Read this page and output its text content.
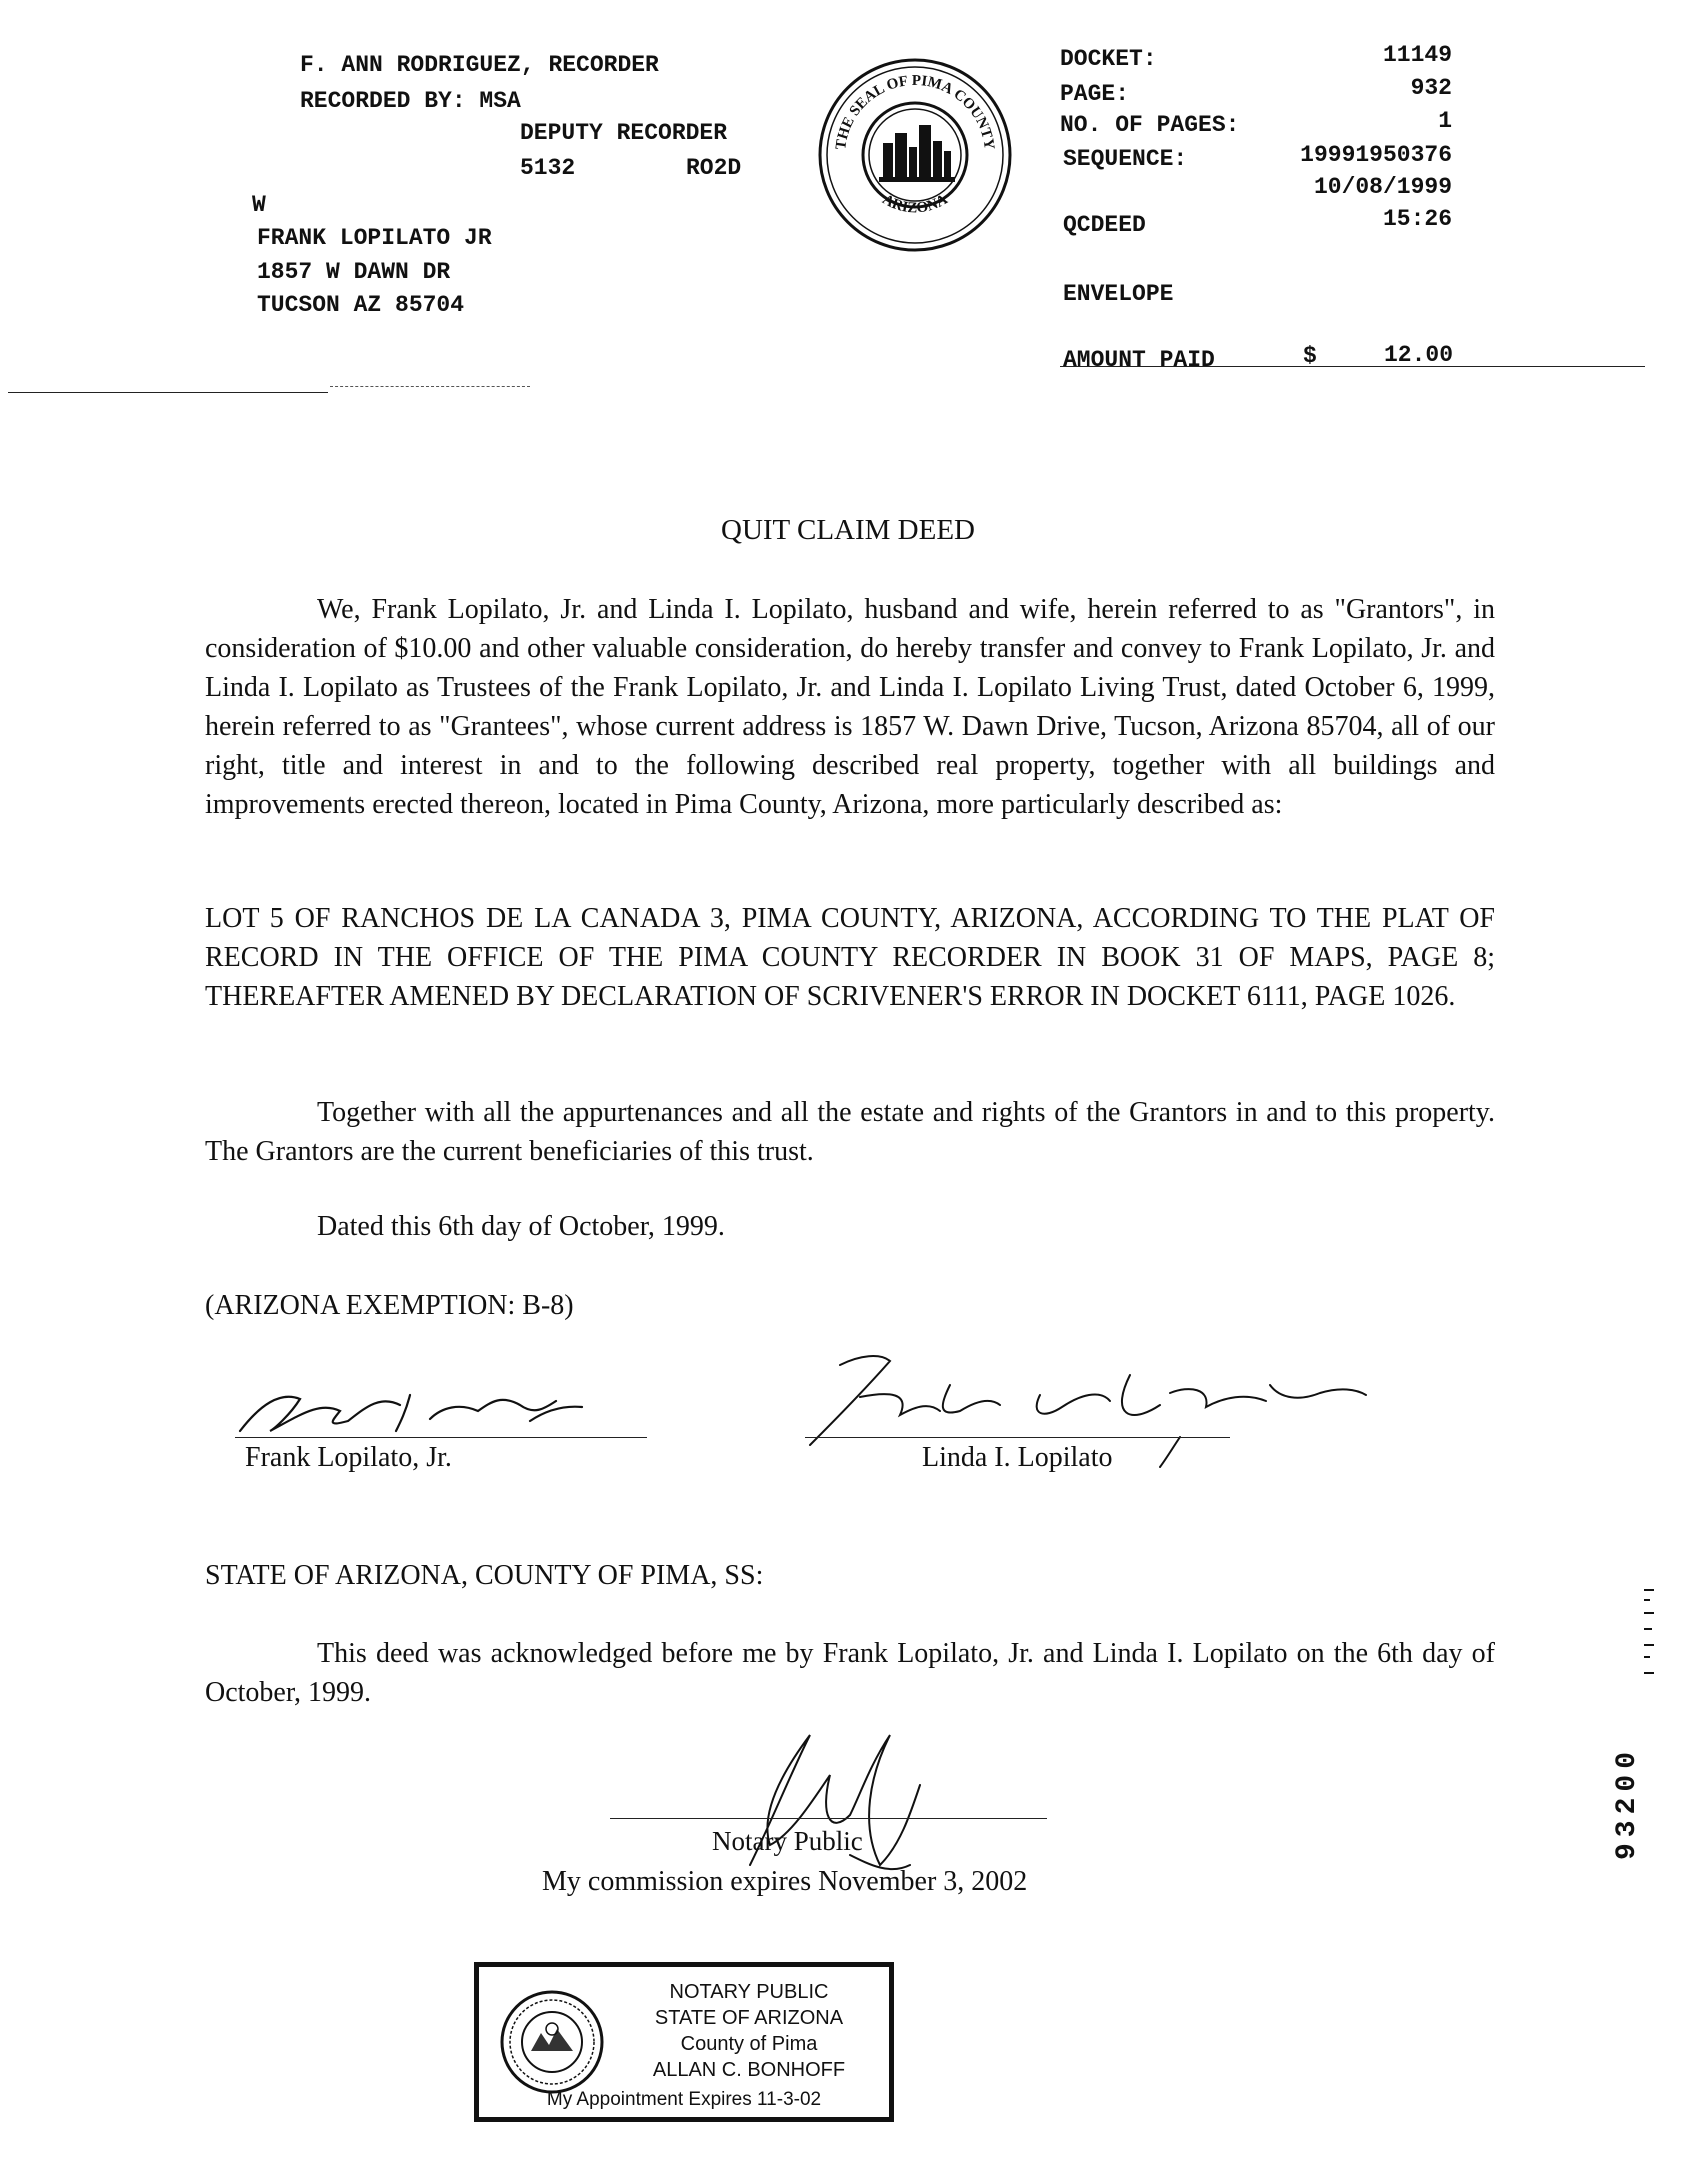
F. ANN RODRIGUEZ, RECORDER
RECORDED BY: MSA
DEPUTY RECORDER
5132	RO2D
W
FRANK LOPILATO JR
1857 W DAWN DR
TUCSON AZ 85704
THE SEAL OF PIMA COUNTY
ARIZONA
DOCKET:	11149
PAGE:	932
NO. OF PAGES:	1
SEQUENCE:	19991950376
10/08/1999
QCDEED	15:26
ENVELOPE
AMOUNT PAID	$	12.00
QUIT CLAIM DEED
We, Frank Lopilato, Jr. and Linda I. Lopilato, husband and wife, herein referred to as "Grantors", in consideration of $10.00 and other valuable consideration, do hereby transfer and convey to Frank Lopilato, Jr. and Linda I. Lopilato as Trustees of the Frank Lopilato, Jr. and Linda I. Lopilato Living Trust, dated October 6, 1999, herein referred to as "Grantees", whose current address is 1857 W. Dawn Drive, Tucson, Arizona 85704, all of our right, title and interest in and to the following described real property, together with all buildings and improvements erected thereon, located in Pima County, Arizona, more particularly described as:
LOT 5 OF RANCHOS DE LA CANADA 3, PIMA COUNTY, ARIZONA, ACCORDING TO THE PLAT OF RECORD IN THE OFFICE OF THE PIMA COUNTY RECORDER IN BOOK 31 OF MAPS, PAGE 8; THEREAFTER AMENED BY DECLARATION OF SCRIVENER'S ERROR IN DOCKET 6111, PAGE 1026.
Together with all the appurtenances and all the estate and rights of the Grantors in and to this property. The Grantors are the current beneficiaries of this trust.
Dated this 6th day of October, 1999.
(ARIZONA EXEMPTION: B-8)
Frank Lopilato, Jr.	Linda I. Lopilato
STATE OF ARIZONA, COUNTY OF PIMA, SS:
This deed was acknowledged before me by Frank Lopilato, Jr. and Linda I. Lopilato on the 6th day of October, 1999.
Notary Public
My commission expires November 3, 2002
NOTARY PUBLIC
STATE OF ARIZONA
County of Pima
ALLAN C. BONHOFF
My Appointment Expires 11-3-02
93200
